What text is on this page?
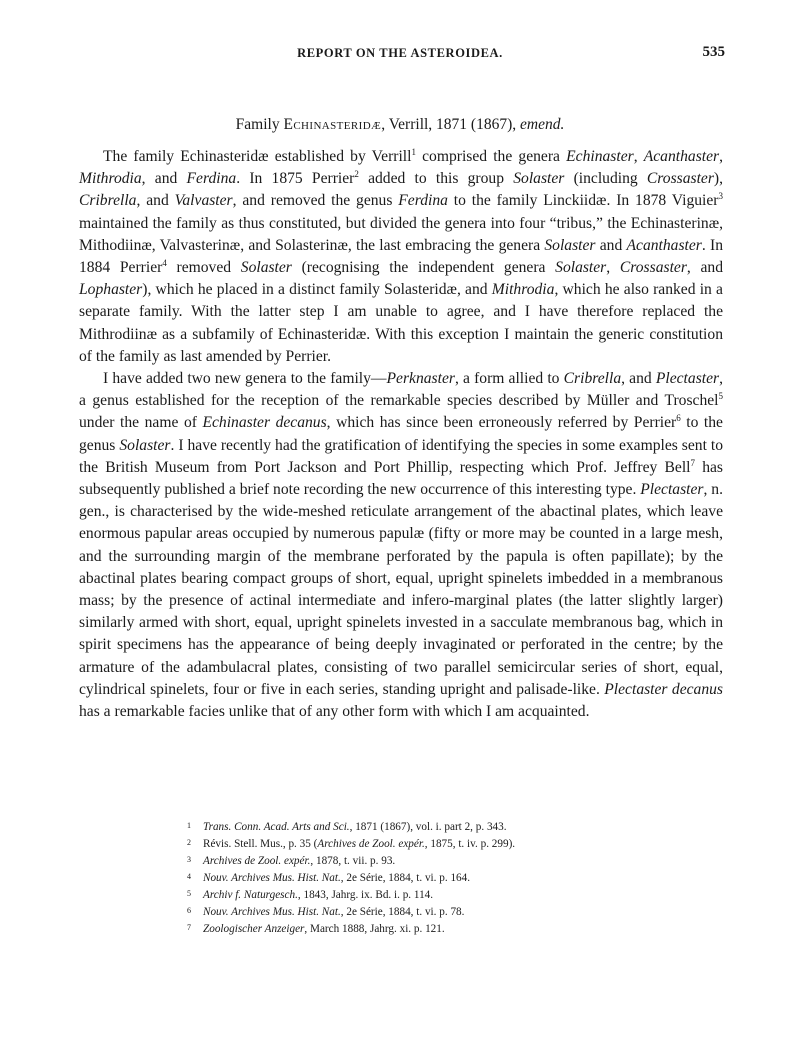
REPORT ON THE ASTEROIDEA.	535
Family Echinasteridæ, Verrill, 1871 (1867), emend.

The family Echinasteridæ established by Verrill$^1$ comprised the genera Echinaster, Acanthaster, Mithrodia, and Ferdina. In 1875 Perrier$^2$ added to this group Solaster (including Crossaster), Cribrella, and Valvaster, and removed the genus Ferdina to the family Linckiidæ. In 1878 Viguier$^3$ maintained the family as thus constituted, but divided the genera into four “tribus,” the Echinasterinæ, Mithodiinæ, Valvasterinæ, and Solasterinæ, the last embracing the genera Solaster and Acanthaster. In 1884 Perrier$^4$ removed Solaster (recognising the independent genera Solaster, Crossaster, and Lophaster), which he placed in a distinct family Solasteridæ, and Mithrodia, which he also ranked in a separate family. With the latter step I am unable to agree, and I have therefore replaced the Mithrodiinæ as a subfamily of Echinasteridæ. With this exception I maintain the generic constitution of the family as last amended by Perrier.

I have added two new genera to the family—Perknaster, a form allied to Cribrella, and Plectaster, a genus established for the reception of the remarkable species described by Müller and Troschel$^5$ under the name of Echinaster decanus, which has since been erroneously referred by Perrier$^6$ to the genus Solaster. I have recently had the gratification of identifying the species in some examples sent to the British Museum from Port Jackson and Port Phillip, respecting which Prof. Jeffrey Bell$^7$ has subsequently published a brief note recording the new occurrence of this interesting type. Plectaster, n. gen., is characterised by the wide-meshed reticulate arrangement of the abactinal plates, which leave enormous papular areas occupied by numerous papulæ (fifty or more may be counted in a large mesh, and the surrounding margin of the membrane perforated by the papula is often papillate); by the abactinal plates bearing compact groups of short, equal, upright spinelets imbedded in a membranous mass; by the presence of actinal intermediate and infero-marginal plates (the latter slightly larger) similarly armed with short, equal, upright spinelets invested in a sacculate membranous bag, which in spirit specimens has the appearance of being deeply invaginated or perforated in the centre; by the armature of the adambulacral plates, consisting of two parallel semicircular series of short, equal, cylindrical spinelets, four or five in each series, standing upright and palisade-like. Plectaster decanus has a remarkable facies unlike that of any other form with which I am acquainted.

1 Trans. Conn. Acad. Arts and Sci., 1871 (1867), vol. i. part 2, p. 343.
2 Révis. Stell. Mus., p. 35 (Archives de Zool. expér., 1875, t. iv. p. 299).
3 Archives de Zool. expér., 1878, t. vii. p. 93.
4 Nouv. Archives Mus. Hist. Nat., 2e Série, 1884, t. vi. p. 164.
5 Archiv f. Naturgesch., 1843, Jahrg. ix. Bd. i. p. 114.
6 Nouv. Archives Mus. Hist. Nat., 2e Série, 1884, t. vi. p. 78.
7 Zoologischer Anzeiger, March 1888, Jahrg. xi. p. 121.
